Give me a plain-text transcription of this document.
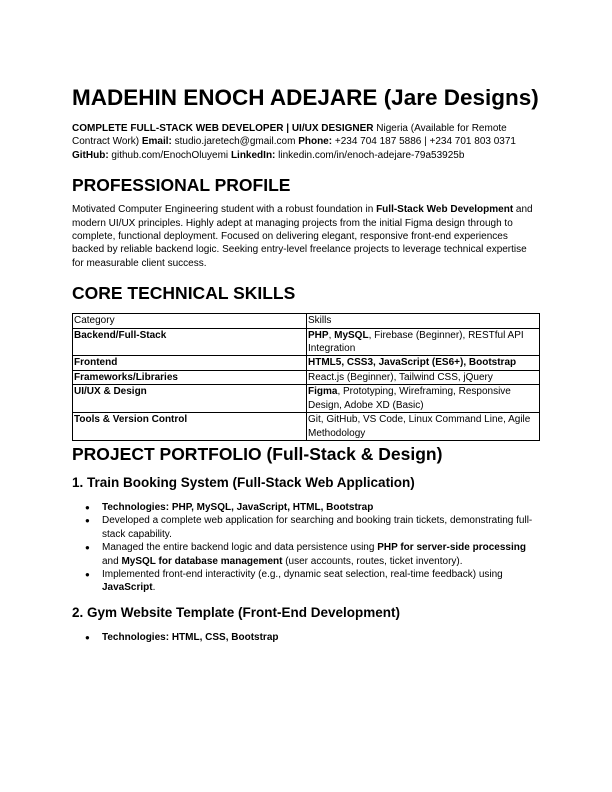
MADEHIN ENOCH ADEJARE (Jare Designs)

COMPLETE FULL-STACK WEB DEVELOPER | UI/UX DESIGNER Nigeria (Available for Remote Contract Work) Email: studio.jaretech@gmail.com Phone: +234 704 187 5886 | +234 701 803 0371 GitHub: github.com/EnochOluyemi LinkedIn: linkedin.com/in/enoch-adejare-79a53925b

PROFESSIONAL PROFILE

Motivated Computer Engineering student with a robust foundation in Full-Stack Web Development and modern UI/UX principles. Highly adept at managing projects from the initial Figma design through to complete, functional deployment. Focused on delivering elegant, responsive front-end experiences backed by reliable backend logic. Seeking entry-level freelance projects to leverage technical expertise for measurable client success.

CORE TECHNICAL SKILLS
Category	Skills
Backend/Full-Stack	PHP, MySQL, Firebase (Beginner), RESTful API Integration
Frontend	HTML5, CSS3, JavaScript (ES6+), Bootstrap
Frameworks/Libraries	React.js (Beginner), Tailwind CSS, jQuery
UI/UX & Design	Figma, Prototyping, Wireframing, Responsive Design, Adobe XD (Basic)
Tools & Version Control	Git, GitHub, VS Code, Linux Command Line, Agile Methodology
PROJECT PORTFOLIO (Full-Stack & Design)
1. Train Booking System (Full-Stack Web Application)
● Technologies: PHP, MySQL, JavaScript, HTML, Bootstrap
● Developed a complete web application for searching and booking train tickets, demonstrating full-stack capability.
● Managed the entire backend logic and data persistence using PHP for server-side processing and MySQL for database management (user accounts, routes, ticket inventory).
● Implemented front-end interactivity (e.g., dynamic seat selection, real-time feedback) using JavaScript.
2. Gym Website Template (Front-End Development)
● Technologies: HTML, CSS, Bootstrap
